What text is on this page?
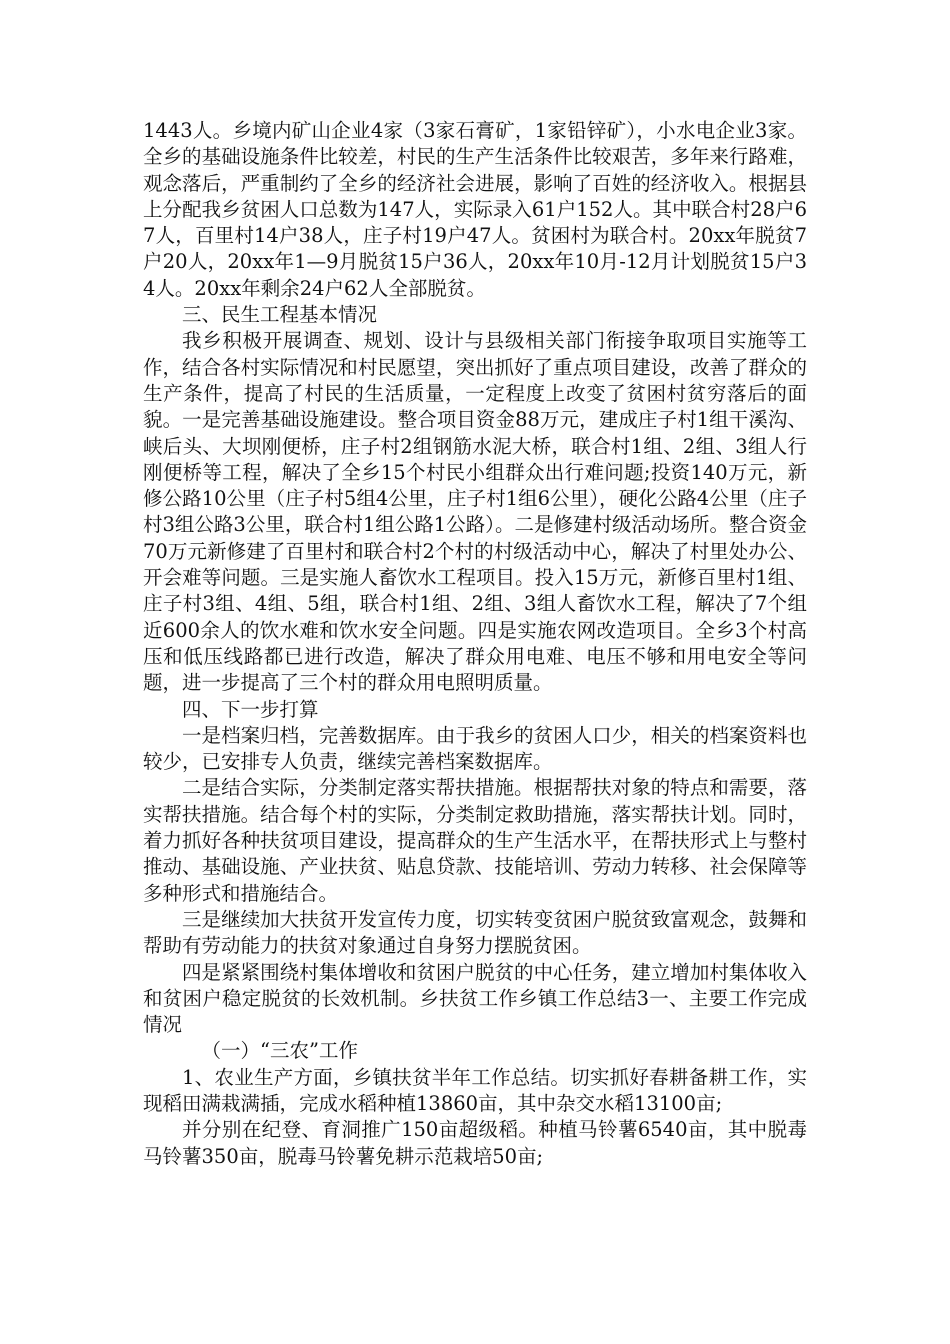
1443人。乡境内矿山企业4家（3家石膏矿，1家铅锌矿），小水电企业3家。全乡的基础设施条件比较差，村民的生产生活条件比较艰苦，多年来行路难，观念落后，严重制约了全乡的经济社会进展，影响了百姓的经济收入。根据县上分配我乡贫困人口总数为147人，实际录入61户152人。其中联合村28户67人，百里村14户38人，庄子村19户47人。贫困村为联合村。20xx年脱贫7户20人，20xx年1—9月脱贫15户36人，20xx年10月-12月计划脱贫15户34人。20xx年剩余24户62人全部脱贫。

三、民生工程基本情况

我乡积极开展调查、规划、设计与县级相关部门衔接争取项目实施等工作，结合各村实际情况和村民愿望，突出抓好了重点项目建设，改善了群众的生产条件，提高了村民的生活质量，一定程度上改变了贫困村贫穷落后的面貌。一是完善基础设施建设。整合项目资金88万元，建成庄子村1组干溪沟、峡后头、大坝刚便桥，庄子村2组钢筋水泥大桥，联合村1组、2组、3组人行刚便桥等工程，解决了全乡15个村民小组群众出行难问题;投资140万元，新修公路10公里（庄子村5组4公里，庄子村1组6公里），硬化公路4公里（庄子村3组公路3公里，联合村1组公路1公路）。二是修建村级活动场所。整合资金70万元新修建了百里村和联合村2个村的村级活动中心，解决了村里处办公、开会难等问题。三是实施人畜饮水工程项目。投入15万元，新修百里村1组、庄子村3组、4组、5组，联合村1组、2组、3组人畜饮水工程，解决了7个组近600余人的饮水难和饮水安全问题。四是实施农网改造项目。全乡3个村高压和低压线路都已进行改造，解决了群众用电难、电压不够和用电安全等问题，进一步提高了三个村的群众用电照明质量。

四、下一步打算

一是档案归档，完善数据库。由于我乡的贫困人口少，相关的档案资料也较少，已安排专人负责，继续完善档案数据库。

二是结合实际，分类制定落实帮扶措施。根据帮扶对象的特点和需要，落实帮扶措施。结合每个村的实际，分类制定救助措施，落实帮扶计划。同时，着力抓好各种扶贫项目建设，提高群众的生产生活水平，在帮扶形式上与整村推动、基础设施、产业扶贫、贴息贷款、技能培训、劳动力转移、社会保障等多种形式和措施结合。

三是继续加大扶贫开发宣传力度，切实转变贫困户脱贫致富观念，鼓舞和帮助有劳动能力的扶贫对象通过自身努力摆脱贫困。

四是紧紧围绕村集体增收和贫困户脱贫的中心任务，建立增加村集体收入和贫困户稳定脱贫的长效机制。乡扶贫工作乡镇工作总结3一、主要工作完成情况

（一）“三农”工作

1、农业生产方面，乡镇扶贫半年工作总结。切实抓好春耕备耕工作，实现稻田满栽满插，完成水稻种植13860亩，其中杂交水稻13100亩;

并分别在纪登、育洞推广150亩超级稻。种植马铃薯6540亩，其中脱毒马铃薯350亩，脱毒马铃薯免耕示范栽培50亩;
